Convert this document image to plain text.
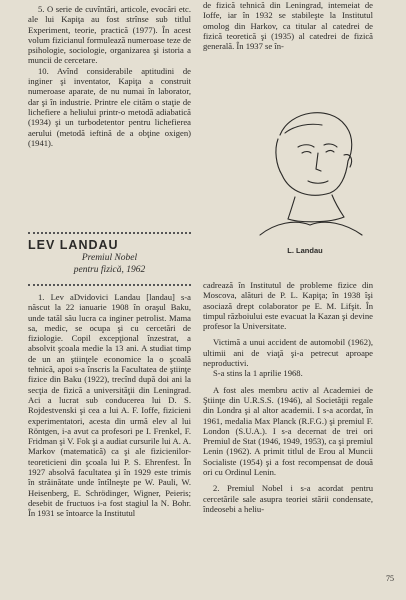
5. O serie de cuvîntări, articole, evocări etc. ale lui Kapiţa au fost strînse sub titlul Experiment, teorie, practică (1977). În acest volum fizicianul formulează numeroase teze de psihologie, sociologie, organizarea şi istoria a muncii de cercetare.

10. Avînd considerabile aptitudini de inginer şi inventator, Kapiţa a construit numeroase aparate, de nu numai în laborator, dar şi în industrie. Printre ele cităm o staţie de lichefiere a heliului printr-o metodă adiabatică (1934) şi un turbodetentor pentru lichefierea aerului (metodă ieftină de a obţine oxigen) (1941).

de fizică tehnică din Leningrad, intemeiat de Ioffe, iar în 1932 se stabileşte la Institutul omolog din Harkov, ca titular al catedrei de fizică teoretică şi (1935) al catedrei de fizică generală. În 1937 se în-

L. Landau
LEV LANDAU

Premiul Nobel

pentru fizică, 1962

1. Lev aDvidovici Landau [landau] s-a născut la 22 ianuarie 1908 în oraşul Baku, unde tatăl său lucra ca inginer petrolist. Mama sa, medic, se ocupa şi cu cercetări de fiziologie. Copil excepţional înzestrat, a absolvit şcoala medie la 13 ani. A studiat timp de un an ştiinţele economice la o şcoală tehnică, apoi s-a înscris la Facultatea de ştiinţe fizice din Baku (1922), trecînd după doi ani la secţia de fizică a universităţii din Leningrad. Aci a lucrat sub conducerea lui D. S. Rojdestvenski şi cea a lui A. F. Ioffe, fizicieni experimentatori, acesta din urmă elev al lui Röntgen, i-a avut ca profesori pe I. Frenkel, F. Fridman şi V. Fok şi a audiat cursurile lui A. A. Markov (matematică) ca şi ale fizicienilor-teoreticieni din şcoala lui P. S. Ehrenfest. În 1927 absolvă facultatea şi în 1929 este trimis în străinătate unde întîlneşte pe W. Pauli, W. Heisenberg, E. Schrödinger, Wigner, Peieris; desebit de fructuos i-a fost stagiul la N. Bohr. În 1931 se întoarce la Institutul

cadrează în Institutul de probleme fizice din Moscova, alături de P. L. Kapiţa; în 1938 îşi asociază drept colaborator pe E. M. Lifşit. În timpul războiului este evacuat la Kazan şi devine profesor la Universitate.

Victimă a unui accident de automobil (1962), ultimii ani de viaţă şi-a petrecut aproape neproductivi.

S-a stins la 1 aprilie 1968.

A fost ales membru activ al Academiei de Ştiinţe din U.R.S.S. (1946), al Societăţii regale din Londra şi al altor academii. I s-a acordat, în 1961, medalia Max Planck (R.F.G.) şi premiul F. London (S.U.A.). I s-a decernat de trei ori Premiul de Stat (1946, 1949, 1953), ca şi premiul Lenin (1962). A primit titlul de Erou al Muncii Socialiste (1954) şi a fost recompensat de două ori cu Ordinul Lenin.

2. Premiul Nobel i s-a acordat pentru cercetările sale asupra teoriei stării condensate, îndeosebi a heliu-

75
